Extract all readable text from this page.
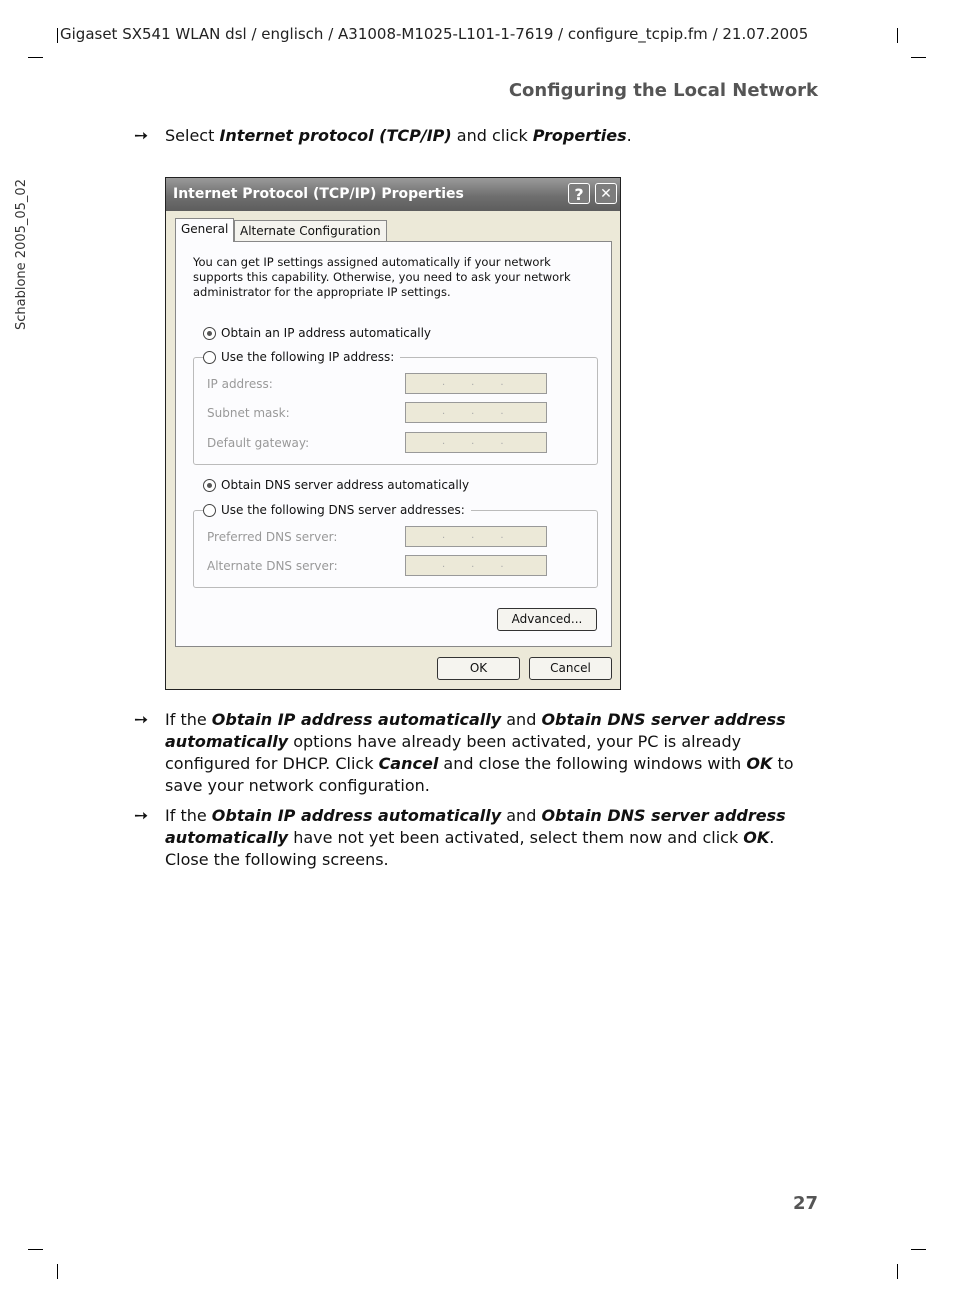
Gigaset SX541 WLAN dsl / englisch / A31008-M1025-L101-1-7619 / configure_tcpip.fm / 21.07.2005
Schablone 2005_05_02
Configuring the Local Network
➙ Select Internet protocol (TCP/IP) and click Properties.
Internet Protocol (TCP/IP) Properties	?	✕
General Alternate Configuration
You can get IP settings assigned automatically if your network supports this capability. Otherwise, you need to ask your network administrator for the appropriate IP settings.
Obtain an IP address automatically
Use the following IP address:
IP address:	...
Subnet mask:	...
Default gateway:	...
Obtain DNS server address automatically
Use the following DNS server addresses:
Preferred DNS server:	...
Alternate DNS server:	...
Advanced...
OK	Cancel
➙ If the Obtain IP address automatically and Obtain DNS server address automatically options have already been activated, your PC is already configured for DHCP. Click Cancel and close the following windows with OK to save your network configuration.
➙ If the Obtain IP address automatically and Obtain DNS server address automatically have not yet been activated, select them now and click OK. Close the following screens.
27
